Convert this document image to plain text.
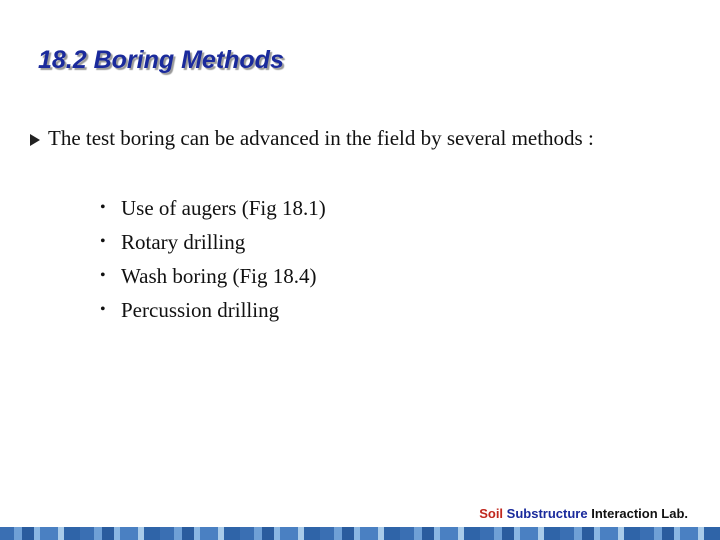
18.2 Boring Methods
The test boring can be advanced in the field by several methods :
• Use of augers (Fig 18.1)
• Rotary drilling
• Wash boring (Fig 18.4)
• Percussion drilling
Soil Substructure Interaction Lab.
